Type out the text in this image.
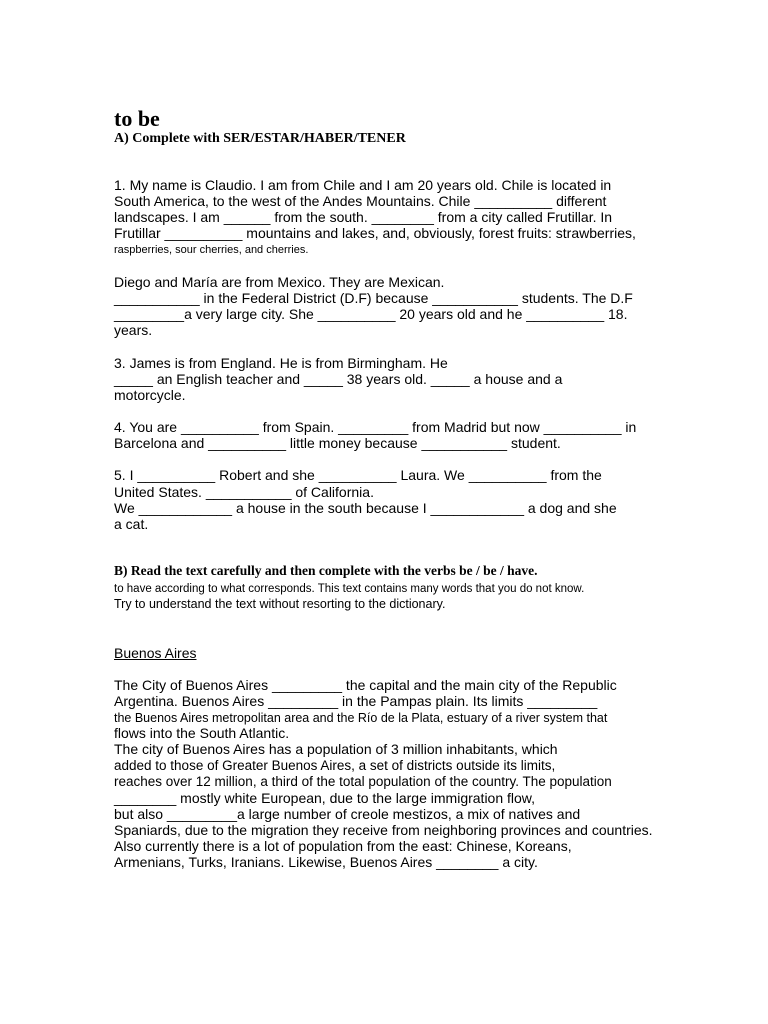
to be
A) Complete with SER/ESTAR/HABER/TENER
1. My name is Claudio. I am from Chile and I am 20 years old. Chile is located in
South America, to the west of the Andes Mountains. Chile __________ different
landscapes. I am ______ from the south. ________ from a city called Frutillar. In
Frutillar __________ mountains and lakes, and, obviously, forest fruits: strawberries,
raspberries, sour cherries, and cherries.
Diego and María are from Mexico. They are Mexican.
___________ in the Federal District (D.F) because ___________ students. The D.F
_________a very large city. She __________ 20 years old and he __________ 18.
years.
3. James is from England. He is from Birmingham. He
_____ an English teacher and _____ 38 years old. _____ a house and a
motorcycle.
4. You are __________ from Spain. _________ from Madrid but now __________ in
Barcelona and __________ little money because ___________ student.
5. I __________ Robert and she __________ Laura. We __________ from the
United States. ___________ of California.
We ____________ a house in the south because I ____________ a dog and she
a cat.
B) Read the text carefully and then complete with the verbs be / be / have.
to have according to what corresponds. This text contains many words that you do not know.
Try to understand the text without resorting to the dictionary.
Buenos Aires
The City of Buenos Aires _________ the capital and the main city of the Republic
Argentina. Buenos Aires _________ in the Pampas plain. Its limits _________
the Buenos Aires metropolitan area and the Río de la Plata, estuary of a river system that
flows into the South Atlantic.
The city of Buenos Aires has a population of 3 million inhabitants, which
added to those of Greater Buenos Aires, a set of districts outside its limits,
reaches over 12 million, a third of the total population of the country. The population
________ mostly white European, due to the large immigration flow,
but also _________a large number of creole mestizos, a mix of natives and
Spaniards, due to the migration they receive from neighboring provinces and countries.
Also currently there is a lot of population from the east: Chinese, Koreans,
Armenians, Turks, Iranians. Likewise, Buenos Aires ________ a city.
